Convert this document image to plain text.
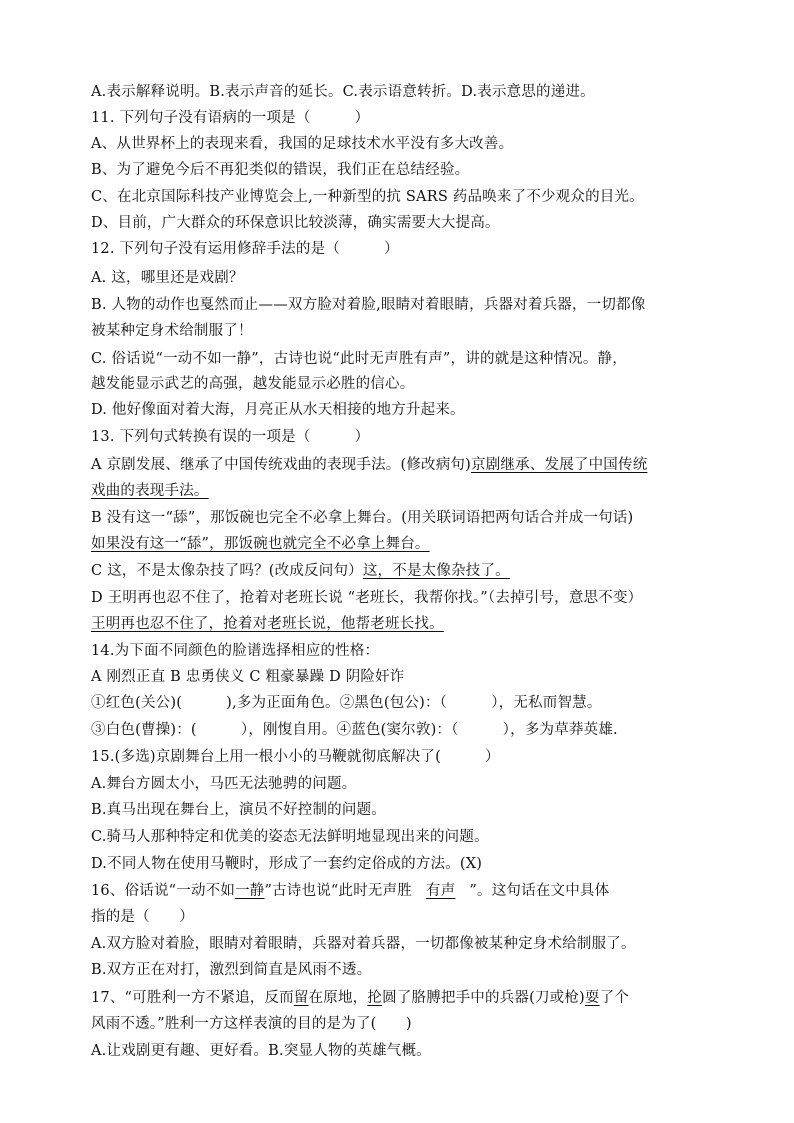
A.表示解释说明。B.表示声音的延长。C.表示语意转折。D.表示意思的递进。
11. 下列句子没有语病的一项是（　　　）
A、从世界杯上的表现来看，我国的足球技术水平没有多大改善。
B、为了避免今后不再犯类似的错误，我们正在总结经验。
C、在北京国际科技产业博览会上,一种新型的抗 SARS 药品唤来了不少观众的目光。
D、目前，广大群众的环保意识比较淡薄，确实需要大大提高。
12. 下列句子没有运用修辞手法的是（　　　）
A. 这，哪里还是戏剧？
B. 人物的动作也戛然而止——双方脸对着脸,眼睛对着眼睛，兵器对着兵器，一切都像
被某种定身术给制服了！
C. 俗话说“一动不如一静”，古诗也说“此时无声胜有声”，讲的就是这种情况。静，
越发能显示武艺的高强，越发能显示必胜的信心。
D. 他好像面对着大海，月亮正从水天相接的地方升起来。
13. 下列句式转换有误的一项是（　　　）
A 京剧发展、继承了中国传统戏曲的表现手法。(修改病句)京剧继承、发展了中国传统
戏曲的表现手法。
B 没有这一“舔”，那饭碗也完全不必拿上舞台。(用关联词语把两句话合并成一句话)
如果没有这一“舔”，那饭碗也就完全不必拿上舞台。
C 这，不是太像杂技了吗？(改成反问句）这，不是太像杂技了。
D 王明再也忍不住了，抢着对老班长说 “老班长，我帮你找。”（去掉引号，意思不变）
王明再也忍不住了，抢着对老班长说，他帮老班长找。
14.为下面不同颜色的脸谱选择相应的性格：
A 刚烈正直 B 忠勇侠义 C 粗豪暴躁 D 阴险奸诈
①红色(关公)(　　　),多为正面角色。②黑色(包公)：（　　　），无私而智慧。
③白色(曹操)：(　　　），刚愎自用。④蓝色(窦尔敦)：（　　　），多为草莽英雄.
15.(多选)京剧舞台上用一根小小的马鞭就彻底解决了(　　　）
A.舞台方圆太小，马匹无法驰骋的问题。
B.真马出现在舞台上，演员不好控制的问题。
C.骑马人那种特定和优美的姿态无法鲜明地显现出来的问题。
D.不同人物在使用马鞭时，形成了一套约定俗成的方法。(X)
16、俗话说“一动不如一静”古诗也说“此时无声胜 有声 ”。这句话在文中具体
指的是（　　）
A.双方脸对着脸，眼睛对着眼睛，兵器对着兵器，一切都像被某种定身术给制服了。
B.双方正在对打，激烈到简直是风雨不透。
17、“可胜利一方不紧追，反而留在原地，抡圆了胳膊把手中的兵器(刀或枪)耍了个
风雨不透。”胜利一方这样表演的目的是为了(　　)
A.让戏剧更有趣、更好看。B.突显人物的英雄气概。
